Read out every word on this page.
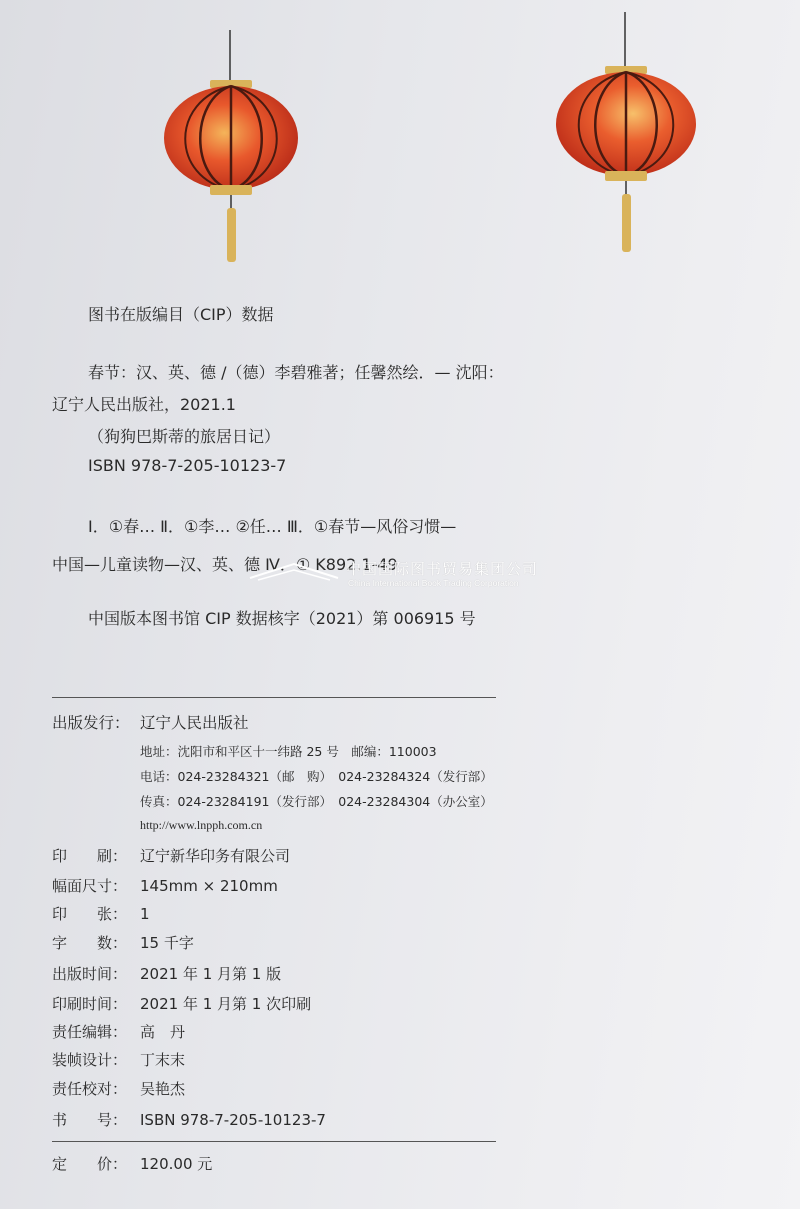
图书在版编目（CIP）数据
春节：汉、英、德 /（德）李碧雅著；任馨然绘．— 沈阳：
辽宁人民出版社，2021.1
（狗狗巴斯蒂的旅居日记）
ISBN 978-7-205-10123-7
Ⅰ．①春… Ⅱ．①李… ②任… Ⅲ．①春节—风俗习惯—
中国—儿童读物—汉、英、德 Ⅳ．① K892.1-49
中国版本图书馆 CIP 数据核字（2021）第 006915 号
中国国际图书贸易集团公司
China International Book Trading Corporation
出版发行： 辽宁人民出版社
地址：沈阳市和平区十一纬路 25 号　邮编：110003
电话：024-23284321（邮　购）　024-23284324（发行部）
传真：024-23284191（发行部）　024-23284304（办公室）
http://www.lnpph.com.cn
印　　刷： 辽宁新华印务有限公司
幅面尺寸： 145mm × 210mm
印　　张： 1
字　　数： 15 千字
出版时间： 2021 年 1 月第 1 版
印刷时间： 2021 年 1 月第 1 次印刷
责任编辑： 高　丹
装帧设计： 丁末末
责任校对： 吴艳杰
书　　号： ISBN 978-7-205-10123-7
定　　价： 120.00 元
